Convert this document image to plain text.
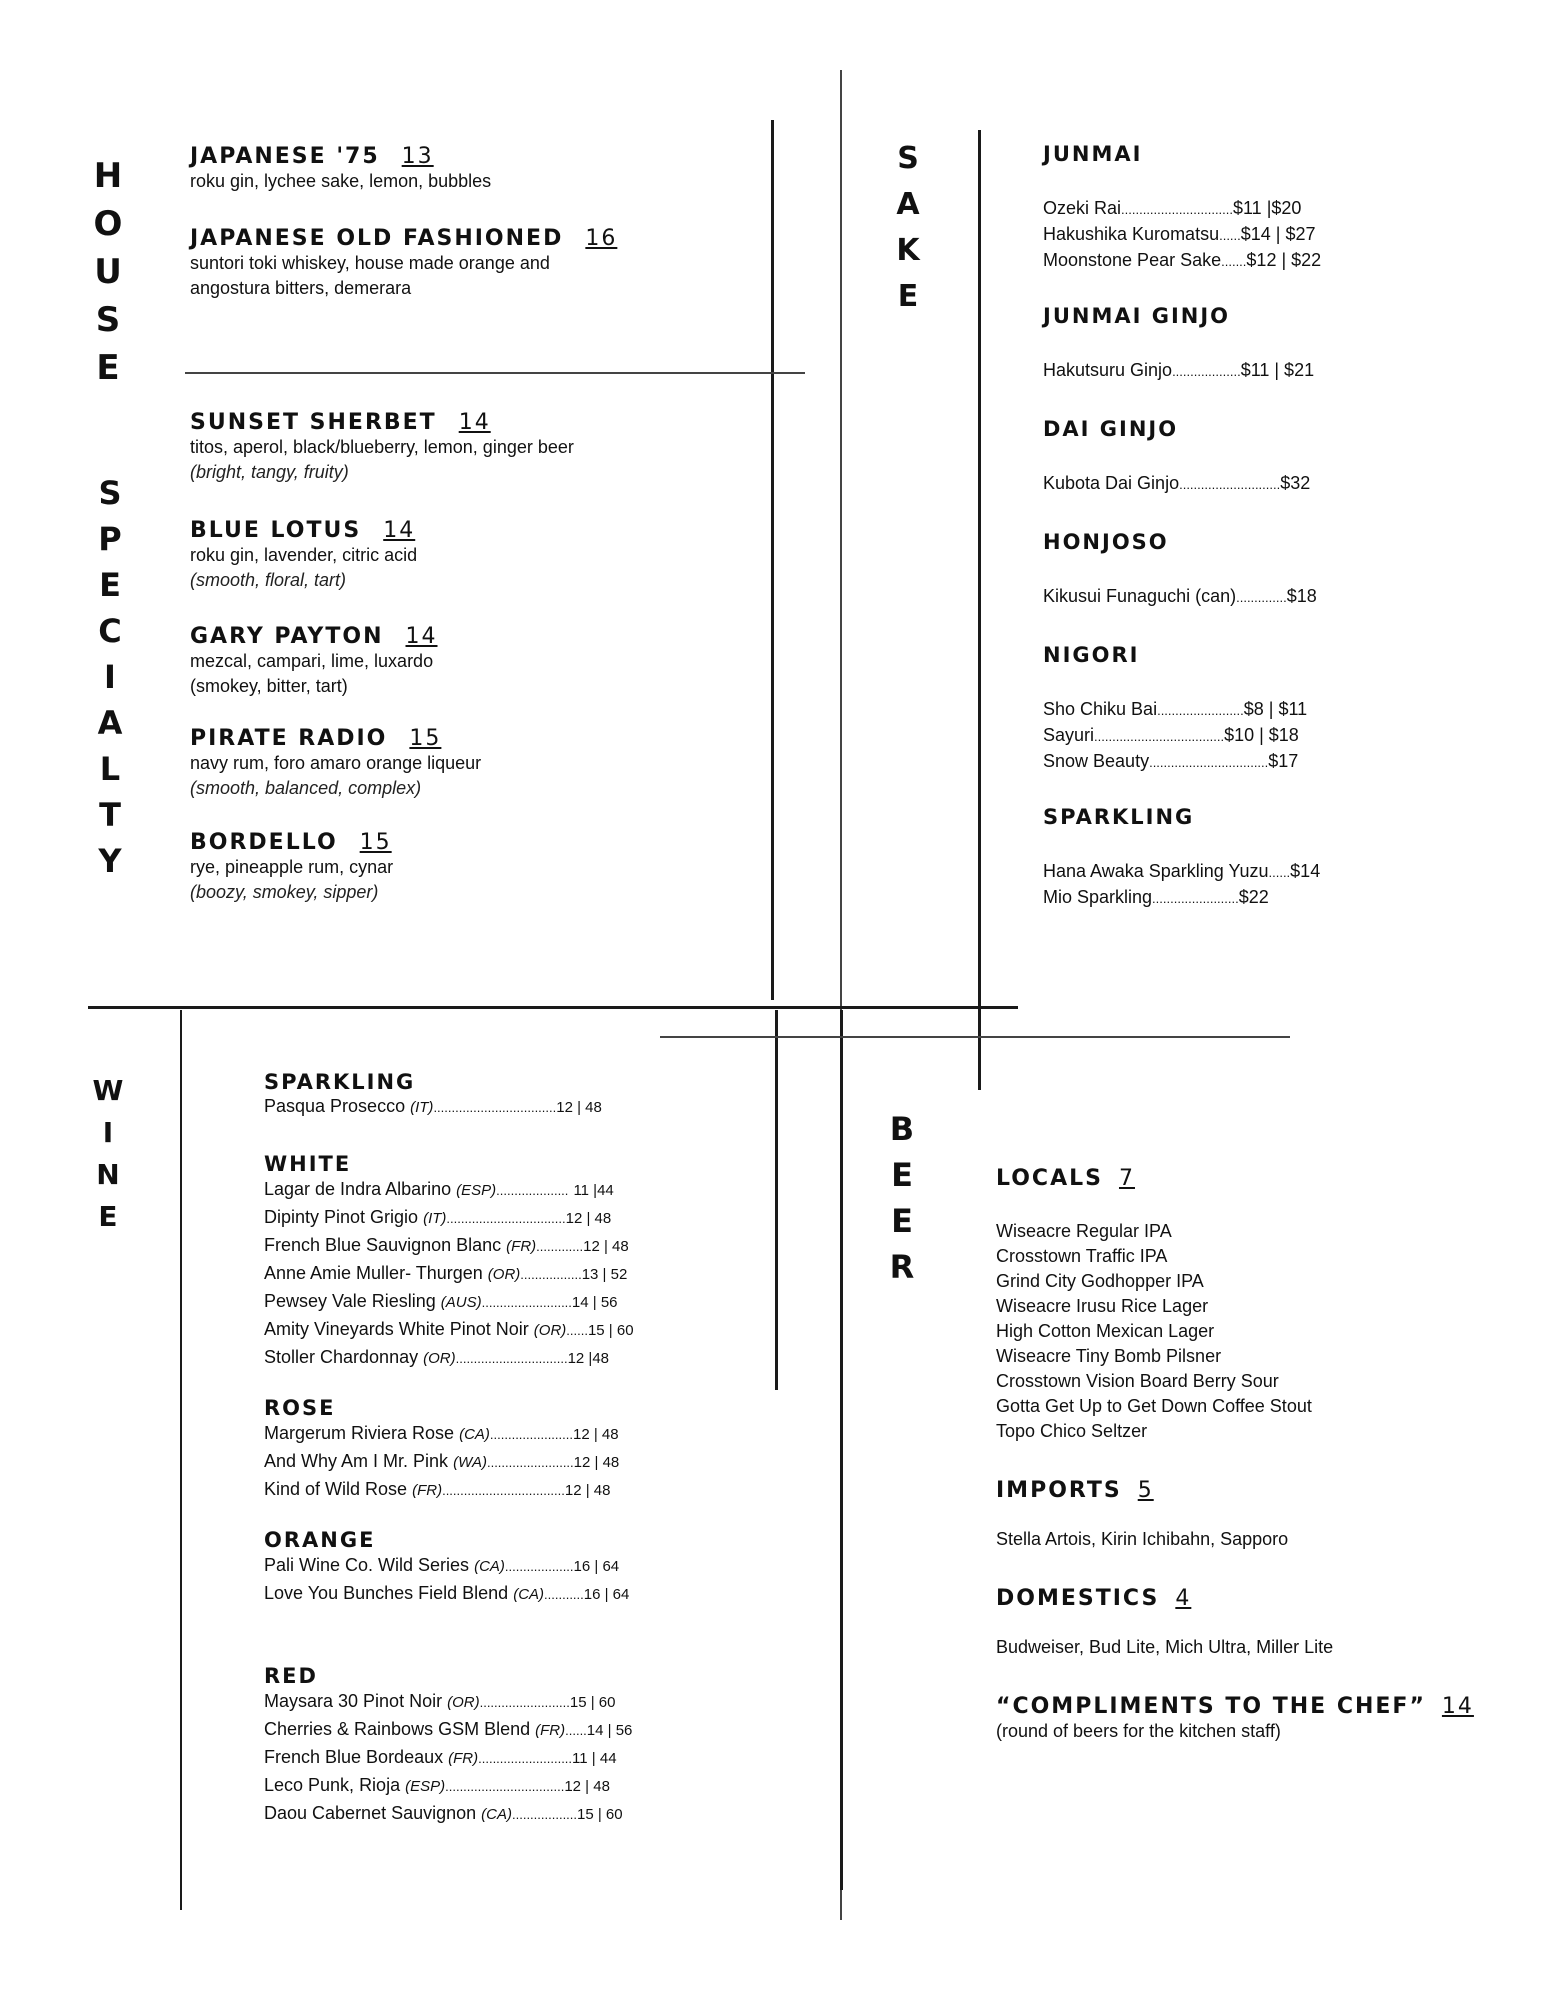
H
O
U
S
E
S
P
E
C
I
A
L
T
Y
S
A
K
E
W
I
N
E
B
E
E
R
JAPANESE '75 13
roku gin, lychee sake, lemon, bubbles
JAPANESE OLD FASHIONED 16
suntori toki whiskey, house made orange and
angostura bitters, demerara
SUNSET SHERBET 14
titos, aperol, black/blueberry, lemon, ginger beer
(bright, tangy, fruity)
BLUE LOTUS 14
roku gin, lavender, citric acid
(smooth, floral, tart)
GARY PAYTON 14
mezcal, campari, lime, luxardo
(smokey, bitter, tart)
PIRATE RADIO 15
navy rum, foro amaro orange liqueur
(smooth, balanced, complex)
BORDELLO 15
rye, pineapple rum, cynar
(boozy, smokey, sipper)
JUNMAI
Ozeki Rai...............................$11 |$20
Hakushika Kuromatsu......$14 | $27
Moonstone Pear Sake.......$12 | $22
JUNMAI GINJO
Hakutsuru Ginjo...................$11 | $21
DAI GINJO
Kubota Dai Ginjo............................$32
HONJOSO
Kikusui Funaguchi (can)..............$18
NIGORI
Sho Chiku Bai........................$8 | $11
Sayuri....................................$10 | $18
Snow Beauty.................................$17
SPARKLING
Hana Awaka Sparkling Yuzu......$14
Mio Sparkling........................$22
SPARKLING
Pasqua Prosecco (IT)..................................12 | 48
WHITE
Lagar de Indra Albarino (ESP).................... 11 |44
Dipinty Pinot Grigio (IT).................................12 | 48
French Blue Sauvignon Blanc (FR).............12 | 48
Anne Amie Muller- Thurgen (OR).................13 | 52
Pewsey Vale Riesling (AUS).........................14 | 56
Amity Vineyards White Pinot Noir (OR)......15 | 60
Stoller Chardonnay (OR)...............................12 |48
ROSE
Margerum Riviera Rose (CA).......................12 | 48
And Why Am I Mr. Pink (WA)........................12 | 48
Kind of Wild Rose (FR)..................................12 | 48
ORANGE
Pali Wine Co. Wild Series (CA)...................16 | 64
Love You Bunches Field Blend (CA)...........16 | 64
RED
Maysara 30 Pinot Noir (OR).........................15 | 60
Cherries & Rainbows GSM Blend (FR)......14 | 56
French Blue Bordeaux (FR)..........................11 | 44
Leco Punk, Rioja (ESP).................................12 | 48
Daou Cabernet Sauvignon (CA)..................15 | 60
LOCALS 7
Wiseacre Regular IPA
Crosstown Traffic IPA
Grind City Godhopper IPA
Wiseacre Irusu Rice Lager
High Cotton Mexican Lager
Wiseacre Tiny Bomb Pilsner
Crosstown Vision Board Berry Sour
Gotta Get Up to Get Down Coffee Stout
Topo Chico Seltzer
IMPORTS 5
Stella Artois, Kirin Ichibahn, Sapporo
DOMESTICS 4
Budweiser, Bud Lite, Mich Ultra, Miller Lite
“COMPLIMENTS TO THE CHEF” 14
(round of beers for the kitchen staff)
